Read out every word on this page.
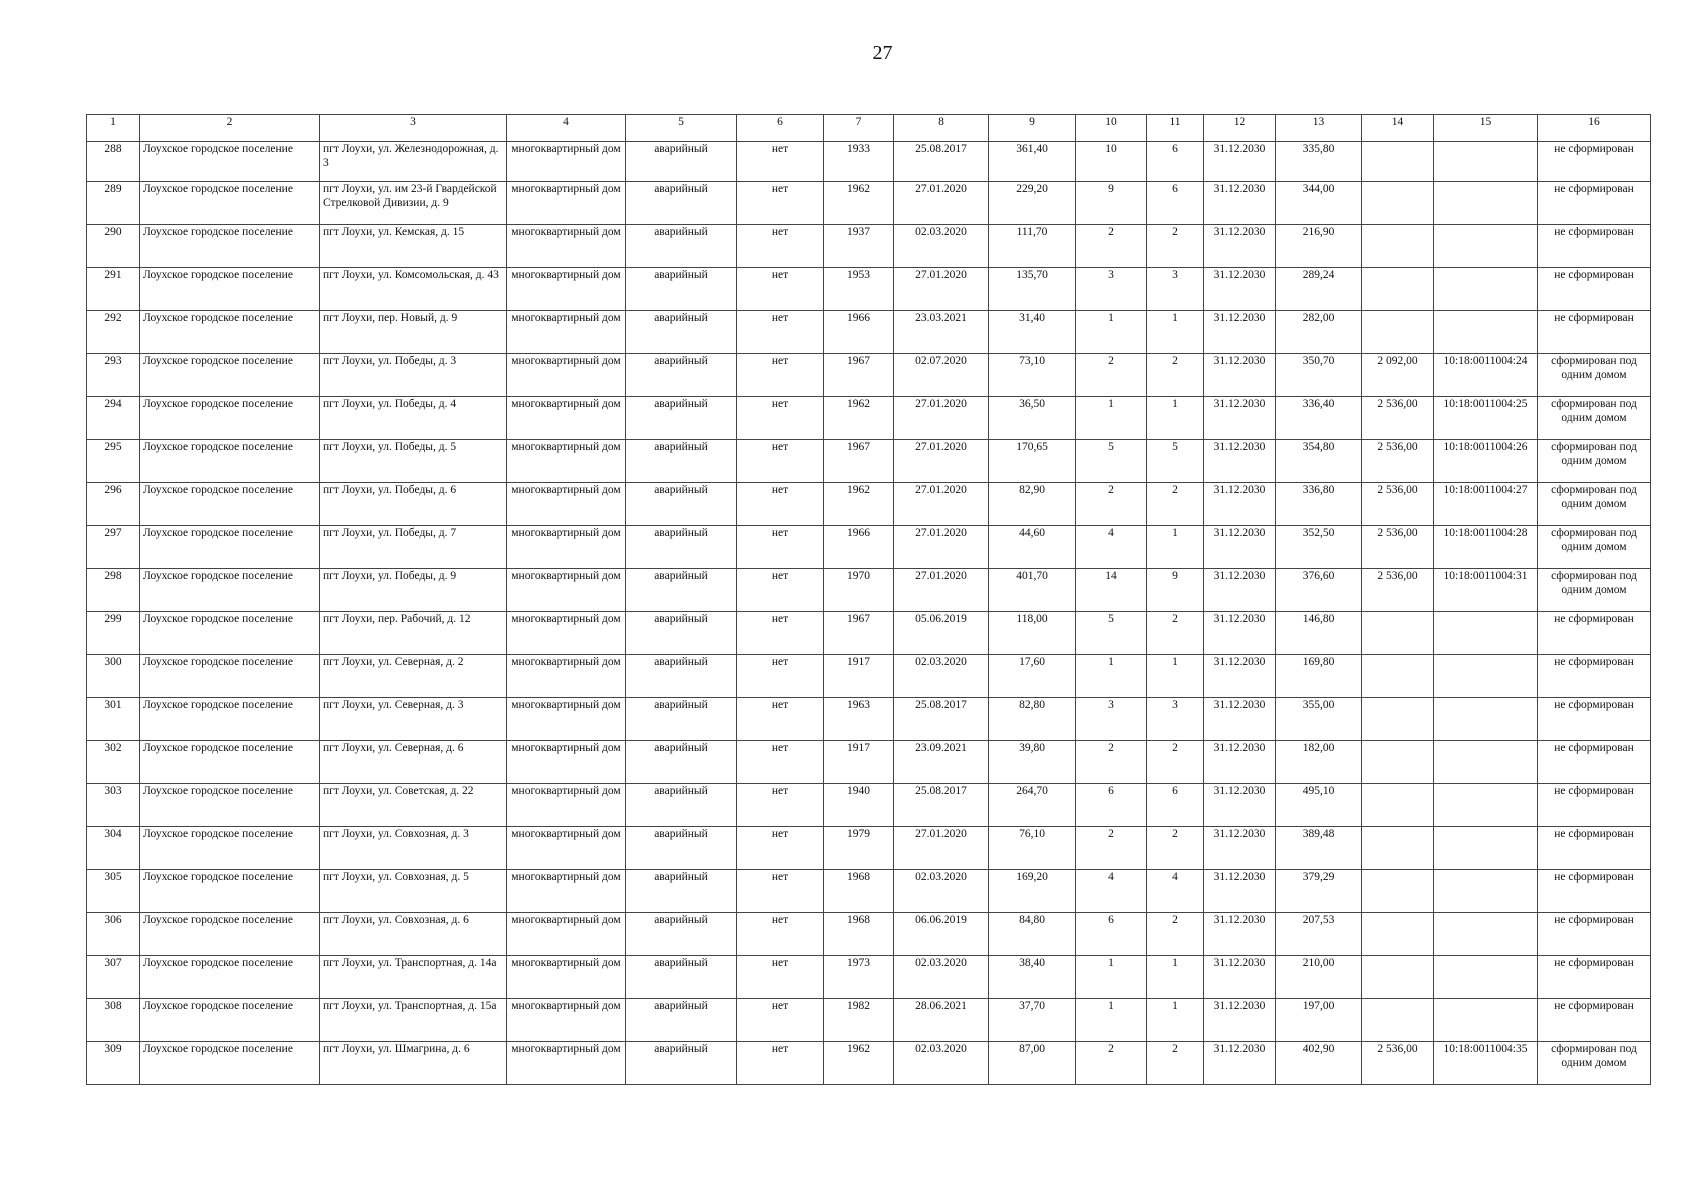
27
1	2	3	4	5	6	7	8	9	10	11	12	13	14	15	16
288	Лоухское городское поселение	пгт Лоухи, ул. Железнодорожная, д. 3	многоквартирный дом	аварийный	нет	1933	25.08.2017	361,40	10	6	31.12.2030	335,80			не сформирован
289	Лоухское городское поселение	пгт Лоухи, ул. им 23-й Гвардейской Стрелковой Дивизии, д. 9	многоквартирный дом	аварийный	нет	1962	27.01.2020	229,20	9	6	31.12.2030	344,00			не сформирован
290	Лоухское городское поселение	пгт Лоухи, ул. Кемская, д. 15	многоквартирный дом	аварийный	нет	1937	02.03.2020	111,70	2	2	31.12.2030	216,90			не сформирован
291	Лоухское городское поселение	пгт Лоухи, ул. Комсомольская, д. 43	многоквартирный дом	аварийный	нет	1953	27.01.2020	135,70	3	3	31.12.2030	289,24			не сформирован
292	Лоухское городское поселение	пгт Лоухи, пер. Новый, д. 9	многоквартирный дом	аварийный	нет	1966	23.03.2021	31,40	1	1	31.12.2030	282,00			не сформирован
293	Лоухское городское поселение	пгт Лоухи, ул. Победы, д. 3	многоквартирный дом	аварийный	нет	1967	02.07.2020	73,10	2	2	31.12.2030	350,70	2 092,00	10:18:0011004:24	сформирован под одним домом
294	Лоухское городское поселение	пгт Лоухи, ул. Победы, д. 4	многоквартирный дом	аварийный	нет	1962	27.01.2020	36,50	1	1	31.12.2030	336,40	2 536,00	10:18:0011004:25	сформирован под одним домом
295	Лоухское городское поселение	пгт Лоухи, ул. Победы, д. 5	многоквартирный дом	аварийный	нет	1967	27.01.2020	170,65	5	5	31.12.2030	354,80	2 536,00	10:18:0011004:26	сформирован под одним домом
296	Лоухское городское поселение	пгт Лоухи, ул. Победы, д. 6	многоквартирный дом	аварийный	нет	1962	27.01.2020	82,90	2	2	31.12.2030	336,80	2 536,00	10:18:0011004:27	сформирован под одним домом
297	Лоухское городское поселение	пгт Лоухи, ул. Победы, д. 7	многоквартирный дом	аварийный	нет	1966	27.01.2020	44,60	4	1	31.12.2030	352,50	2 536,00	10:18:0011004:28	сформирован под одним домом
298	Лоухское городское поселение	пгт Лоухи, ул. Победы, д. 9	многоквартирный дом	аварийный	нет	1970	27.01.2020	401,70	14	9	31.12.2030	376,60	2 536,00	10:18:0011004:31	сформирован под одним домом
299	Лоухское городское поселение	пгт Лоухи, пер. Рабочий, д. 12	многоквартирный дом	аварийный	нет	1967	05.06.2019	118,00	5	2	31.12.2030	146,80			не сформирован
300	Лоухское городское поселение	пгт Лоухи, ул. Северная, д. 2	многоквартирный дом	аварийный	нет	1917	02.03.2020	17,60	1	1	31.12.2030	169,80			не сформирован
301	Лоухское городское поселение	пгт Лоухи, ул. Северная, д. 3	многоквартирный дом	аварийный	нет	1963	25.08.2017	82,80	3	3	31.12.2030	355,00			не сформирован
302	Лоухское городское поселение	пгт Лоухи, ул. Северная, д. 6	многоквартирный дом	аварийный	нет	1917	23.09.2021	39,80	2	2	31.12.2030	182,00			не сформирован
303	Лоухское городское поселение	пгт Лоухи, ул. Советская, д. 22	многоквартирный дом	аварийный	нет	1940	25.08.2017	264,70	6	6	31.12.2030	495,10			не сформирован
304	Лоухское городское поселение	пгт Лоухи, ул. Совхозная, д. 3	многоквартирный дом	аварийный	нет	1979	27.01.2020	76,10	2	2	31.12.2030	389,48			не сформирован
305	Лоухское городское поселение	пгт Лоухи, ул. Совхозная, д. 5	многоквартирный дом	аварийный	нет	1968	02.03.2020	169,20	4	4	31.12.2030	379,29			не сформирован
306	Лоухское городское поселение	пгт Лоухи, ул. Совхозная, д. 6	многоквартирный дом	аварийный	нет	1968	06.06.2019	84,80	6	2	31.12.2030	207,53			не сформирован
307	Лоухское городское поселение	пгт Лоухи, ул. Транспортная, д. 14а	многоквартирный дом	аварийный	нет	1973	02.03.2020	38,40	1	1	31.12.2030	210,00			не сформирован
308	Лоухское городское поселение	пгт Лоухи, ул. Транспортная, д. 15а	многоквартирный дом	аварийный	нет	1982	28.06.2021	37,70	1	1	31.12.2030	197,00			не сформирован
309	Лоухское городское поселение	пгт Лоухи, ул. Шмагрина, д. 6	многоквартирный дом	аварийный	нет	1962	02.03.2020	87,00	2	2	31.12.2030	402,90	2 536,00	10:18:0011004:35	сформирован под одним домом
